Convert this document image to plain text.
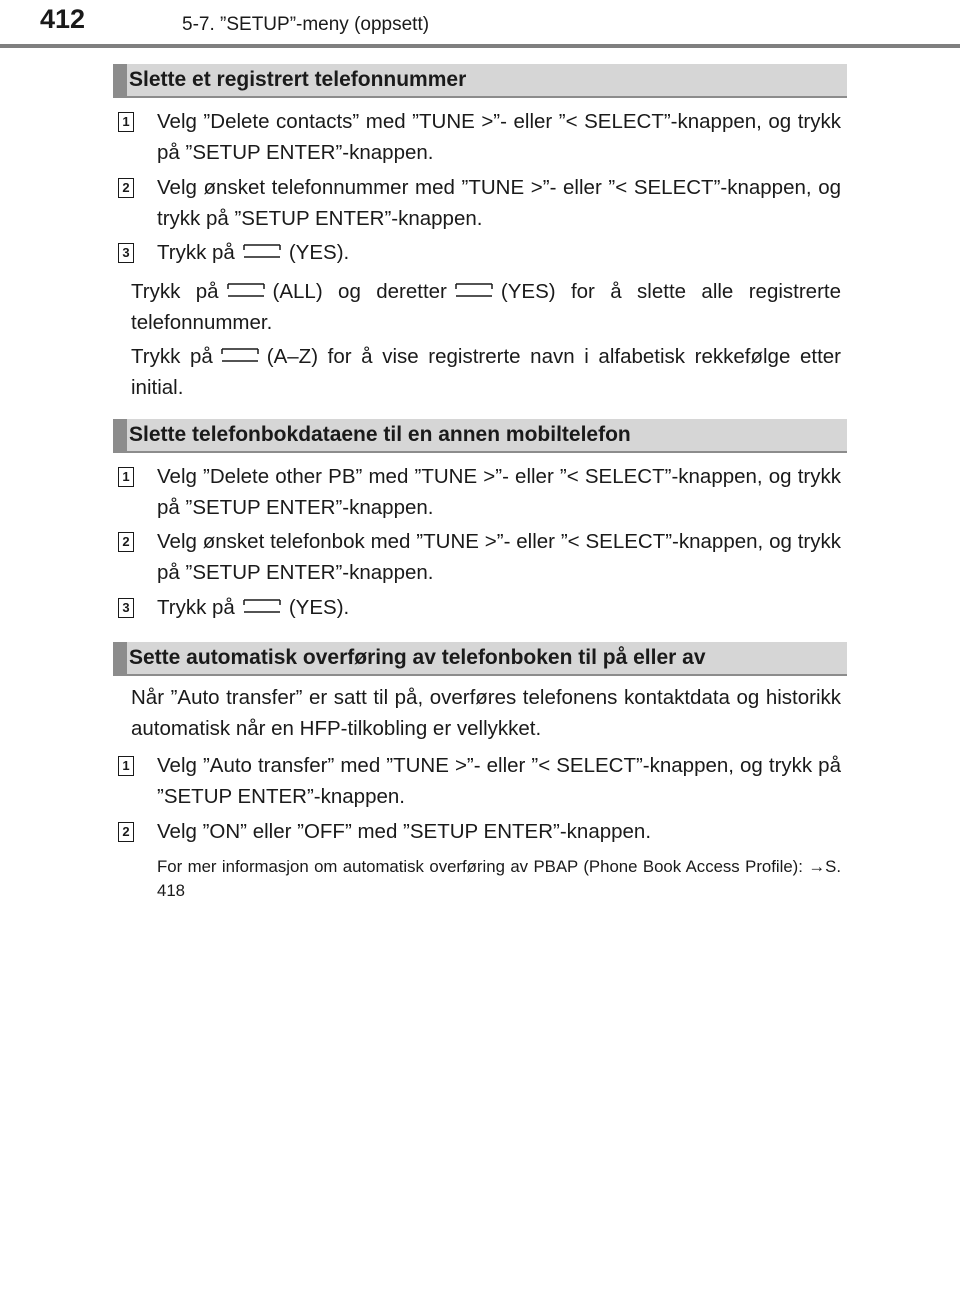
412	5-7. ”SETUP”-meny (oppsett)
Slette et registrert telefonnummer
1 Velg ”Delete contacts” med ”TUNE >”- eller ”< SELECT”-knappen, og trykk på ”SETUP ENTER”-knappen.
2 Velg ønsket telefonnummer med ”TUNE >”- eller ”< SELECT”-knappen, og trykk på ”SETUP ENTER”-knappen.
3 Trykk på	(YES).
Trykk på	(ALL) og deretter	(YES) for å slette alle registrerte telefonnummer.
Trykk på	(A–Z) for å vise registrerte navn i alfabetisk rekkefølge etter initial.
Slette telefonbokdataene til en annen mobiltelefon
1 Velg ”Delete other PB” med ”TUNE >”- eller ”< SELECT”-knappen, og trykk på ”SETUP ENTER”-knappen.
2 Velg ønsket telefonbok med ”TUNE >”- eller ”< SELECT”-knappen, og trykk på ”SETUP ENTER”-knappen.
3 Trykk på	(YES).
Sette automatisk overføring av telefonboken til på eller av
Når ”Auto transfer” er satt til på, overføres telefonens kontaktdata og historikk automatisk når en HFP-tilkobling er vellykket.
1 Velg ”Auto transfer” med ”TUNE >”- eller ”< SELECT”-knappen, og trykk på ”SETUP ENTER”-knappen.
2 Velg ”ON” eller ”OFF” med ”SETUP ENTER”-knappen.
For mer informasjon om automatisk overføring av PBAP (Phone Book Access Profile): →S. 418
